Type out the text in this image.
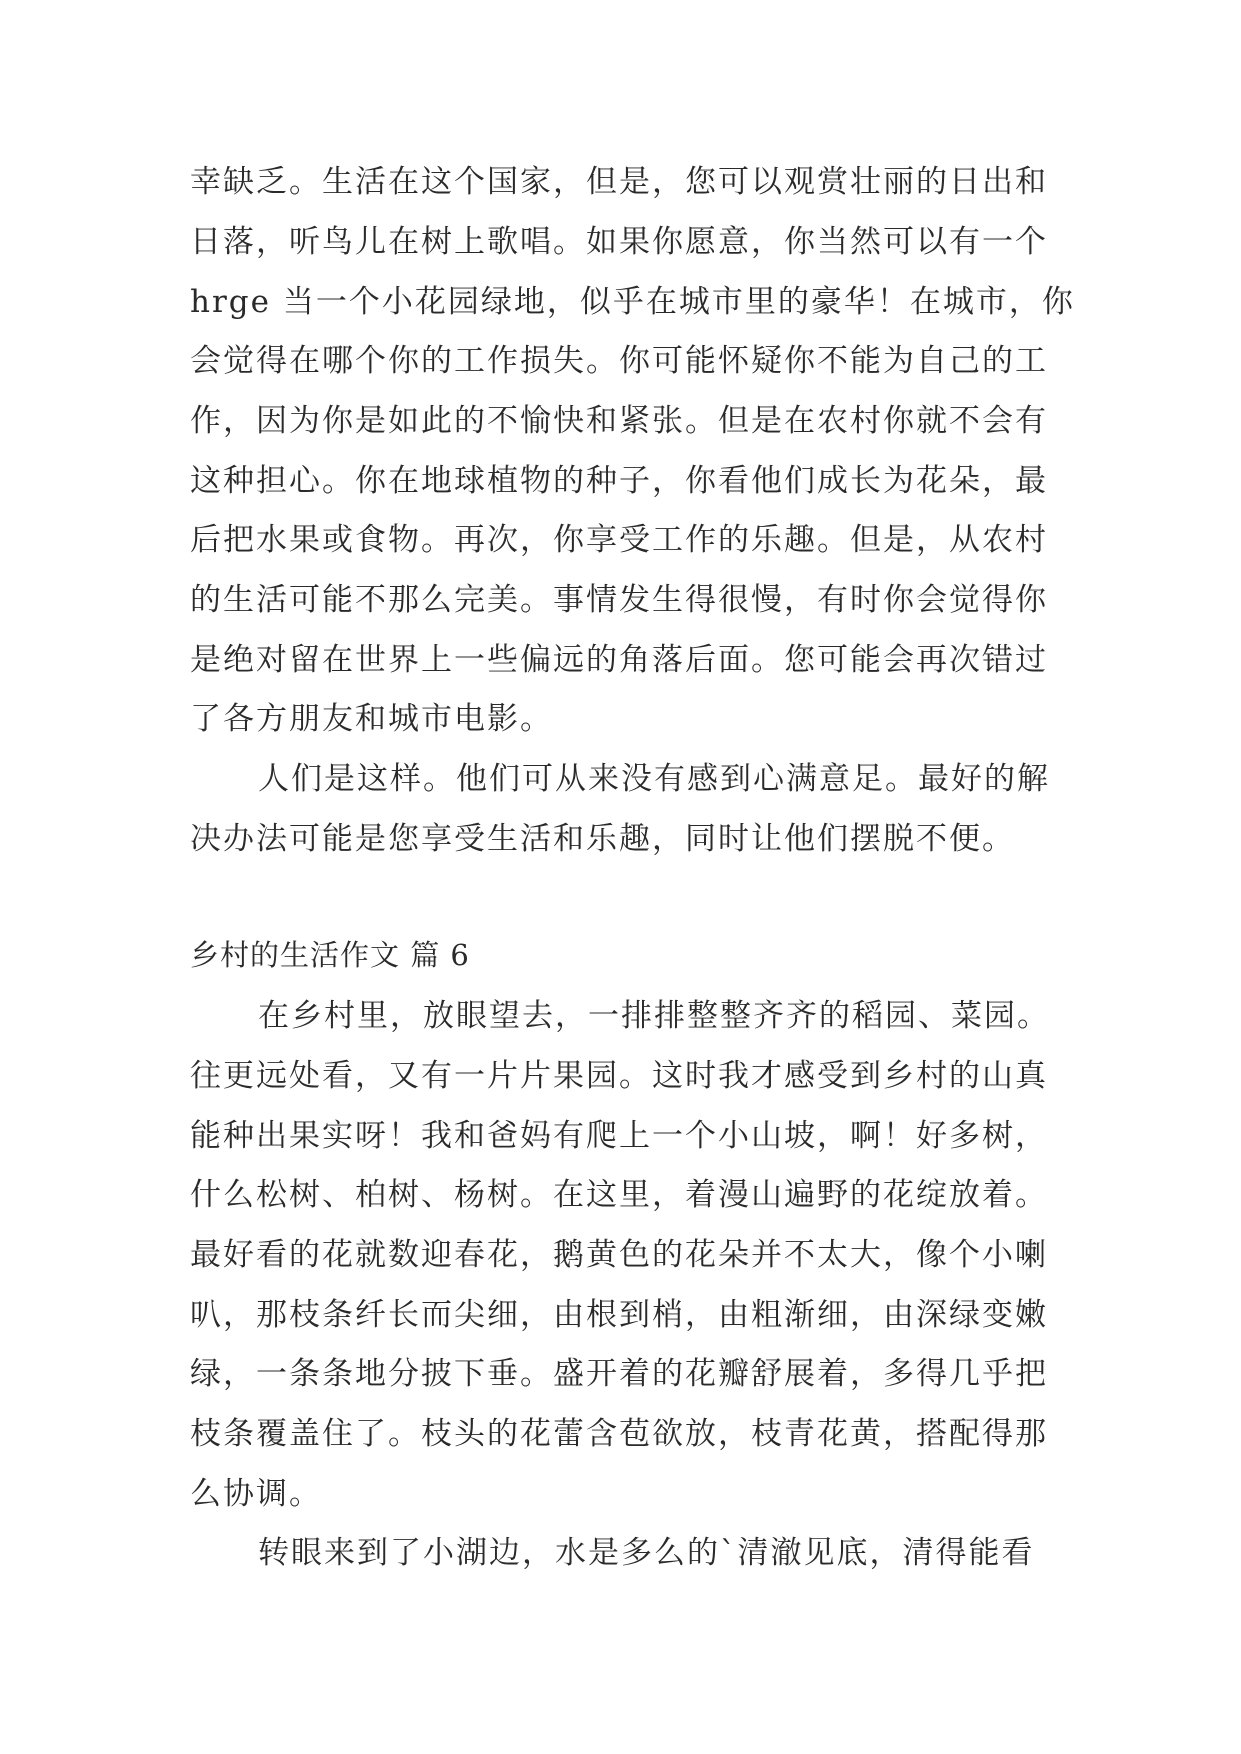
幸缺乏。生活在这个国家，但是，您可以观赏壮丽的日出和
日落，听鸟儿在树上歌唱。如果你愿意，你当然可以有一个
hrge 当一个小花园绿地，似乎在城市里的豪华！在城市，你
会觉得在哪个你的工作损失。你可能怀疑你不能为自己的工
作，因为你是如此的不愉快和紧张。但是在农村你就不会有
这种担心。你在地球植物的种子，你看他们成长为花朵，最
后把水果或食物。再次，你享受工作的乐趣。但是，从农村
的生活可能不那么完美。事情发生得很慢，有时你会觉得你
是绝对留在世界上一些偏远的角落后面。您可能会再次错过
了各方朋友和城市电影。
人们是这样。他们可从来没有感到心满意足。最好的解
决办法可能是您享受生活和乐趣，同时让他们摆脱不便。
乡村的生活作文 篇 6
在乡村里，放眼望去，一排排整整齐齐的稻园、菜园。
往更远处看，又有一片片果园。这时我才感受到乡村的山真
能种出果实呀！我和爸妈有爬上一个小山坡，啊！好多树，
什么松树、柏树、杨树。在这里，着漫山遍野的花绽放着。
最好看的花就数迎春花，鹅黄色的花朵并不太大，像个小喇
叭，那枝条纤长而尖细，由根到梢，由粗渐细，由深绿变嫩
绿，一条条地分披下垂。盛开着的花瓣舒展着，多得几乎把
枝条覆盖住了。枝头的花蕾含苞欲放，枝青花黄，搭配得那
么协调。
转眼来到了小湖边，水是多么的`清澈见底，清得能看
